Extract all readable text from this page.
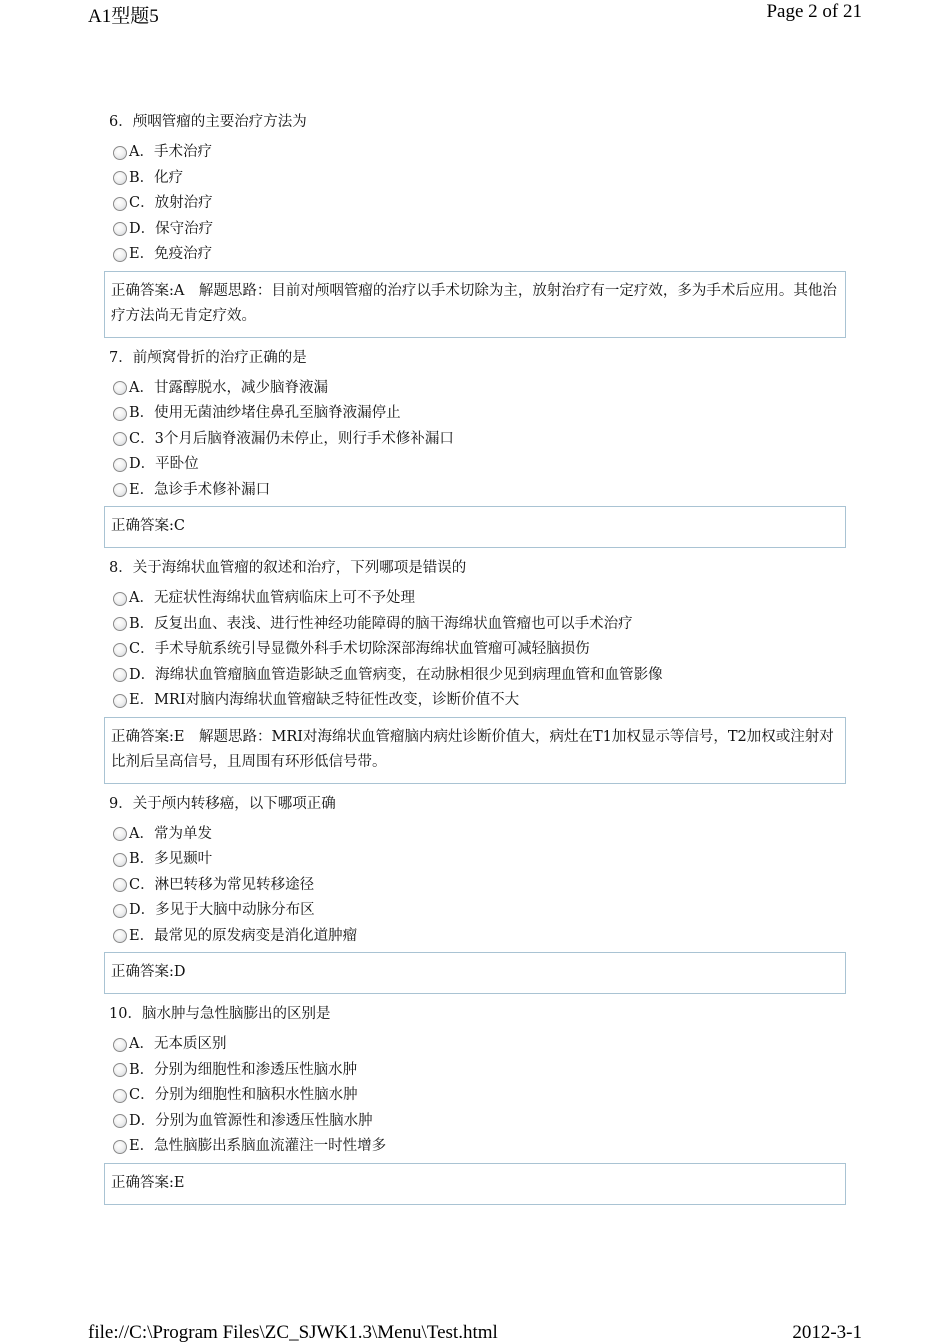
A1型题5	Page 2 of 21
6．颅咽管瘤的主要治疗方法为
A．手术治疗
B．化疗
C．放射治疗
D．保守治疗
E．免疫治疗
正确答案:A　解题思路：目前对颅咽管瘤的治疗以手术切除为主，放射治疗有一定疗效，多为手术后应用。其他治疗方法尚无肯定疗效。
7．前颅窝骨折的治疗正确的是
A．甘露醇脱水，减少脑脊液漏
B．使用无菌油纱堵住鼻孔至脑脊液漏停止
C．3个月后脑脊液漏仍未停止，则行手术修补漏口
D．平卧位
E．急诊手术修补漏口
正确答案:C
8．关于海绵状血管瘤的叙述和治疗，下列哪项是错误的
A．无症状性海绵状血管病临床上可不予处理
B．反复出血、表浅、进行性神经功能障碍的脑干海绵状血管瘤也可以手术治疗
C．手术导航系统引导显微外科手术切除深部海绵状血管瘤可减轻脑损伤
D．海绵状血管瘤脑血管造影缺乏血管病变，在动脉相很少见到病理血管和血管影像
E．MRI对脑内海绵状血管瘤缺乏特征性改变，诊断价值不大
正确答案:E　解题思路：MRI对海绵状血管瘤脑内病灶诊断价值大，病灶在T1加权显示等信号，T2加权或注射对比剂后呈高信号，且周围有环形低信号带。
9．关于颅内转移癌，以下哪项正确
A．常为单发
B．多见颞叶
C．淋巴转移为常见转移途径
D．多见于大脑中动脉分布区
E．最常见的原发病变是消化道肿瘤
正确答案:D
10．脑水肿与急性脑膨出的区别是
A．无本质区别
B．分别为细胞性和渗透压性脑水肿
C．分别为细胞性和脑积水性脑水肿
D．分别为血管源性和渗透压性脑水肿
E．急性脑膨出系脑血流灌注一时性增多
正确答案:E
file://C:\Program Files\ZC_SJWK1.3\Menu\Test.html	2012-3-1
